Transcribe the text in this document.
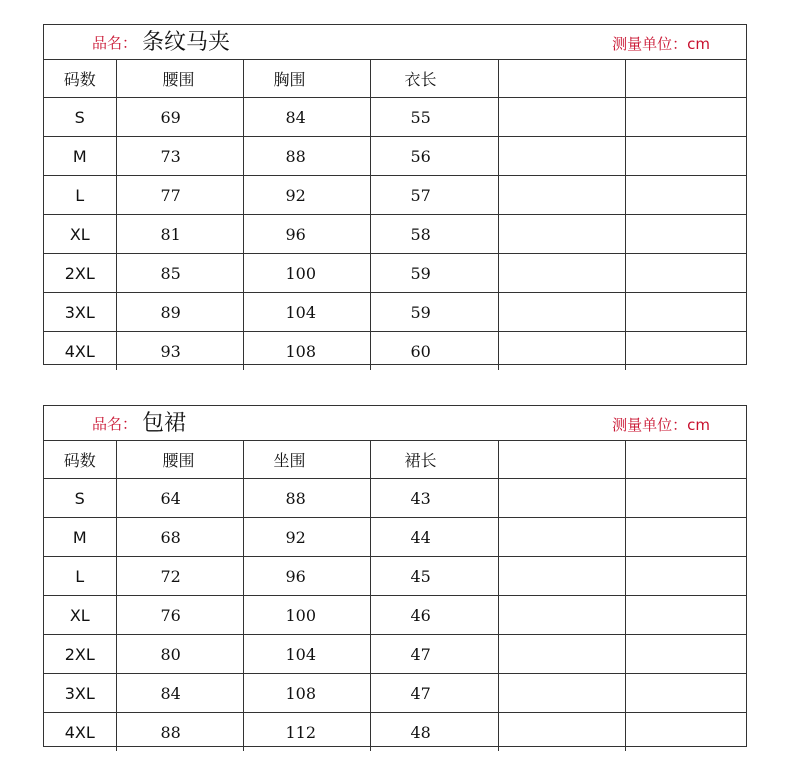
品名： 条纹马夹	测量单位：cm
码数	腰围	胸围	衣长		
S	69	84	55		
M	73	88	56		
L	77	92	57		
XL	81	96	58		
2XL	85	100	59		
3XL	89	104	59		
4XL	93	108	60		
品名： 包裙	测量单位：cm
码数	腰围	坐围	裙长		
S	64	88	43		
M	68	92	44		
L	72	96	45		
XL	76	100	46		
2XL	80	104	47		
3XL	84	108	47		
4XL	88	112	48		
